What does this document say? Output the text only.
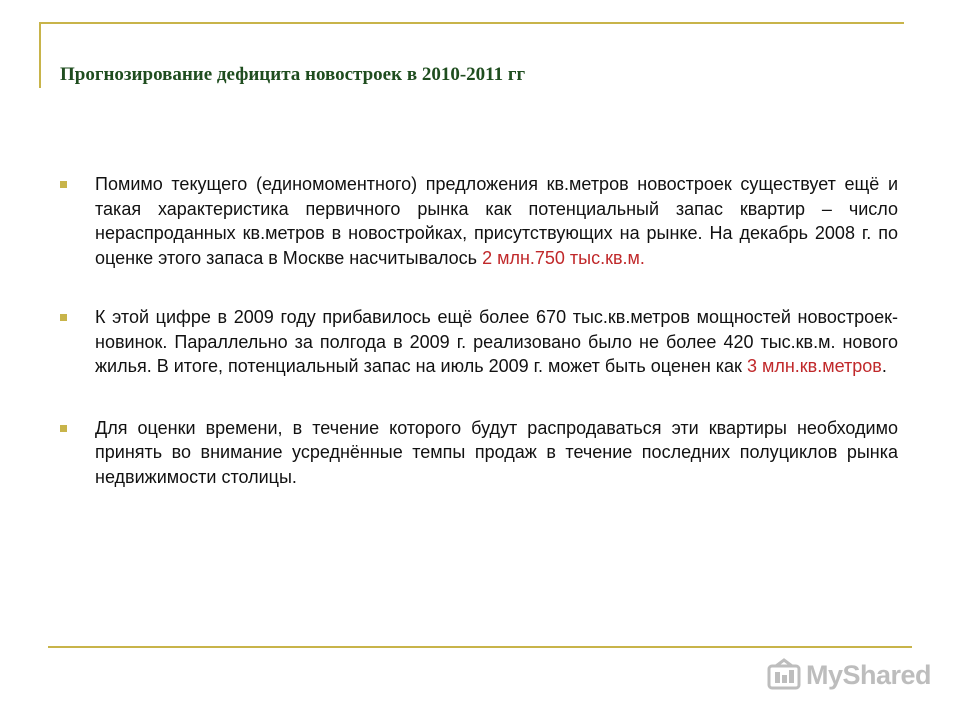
Прогнозирование дефицита новостроек в 2010-2011 гг
Помимо текущего (единомоментного) предложения кв.метров новостроек существует ещё и такая характеристика первичного рынка как потенциальный запас квартир – число нераспроданных кв.метров в новостройках, присутствующих на рынке. На декабрь 2008 г. по оценке этого запаса в Москве насчитывалось 2 млн.750 тыс.кв.м.
К этой цифре в 2009 году прибавилось ещё более 670 тыс.кв.метров мощностей новостроек-новинок. Параллельно за полгода в 2009 г. реализовано было не более 420 тыс.кв.м. нового жилья. В итоге, потенциальный запас на июль 2009 г. может быть оценен как 3 млн.кв.метров.
Для оценки времени, в течение которого будут распродаваться эти квартиры необходимо принять во внимание усреднённые темпы продаж в течение последних полуциклов рынка недвижимости столицы.
MyShared
